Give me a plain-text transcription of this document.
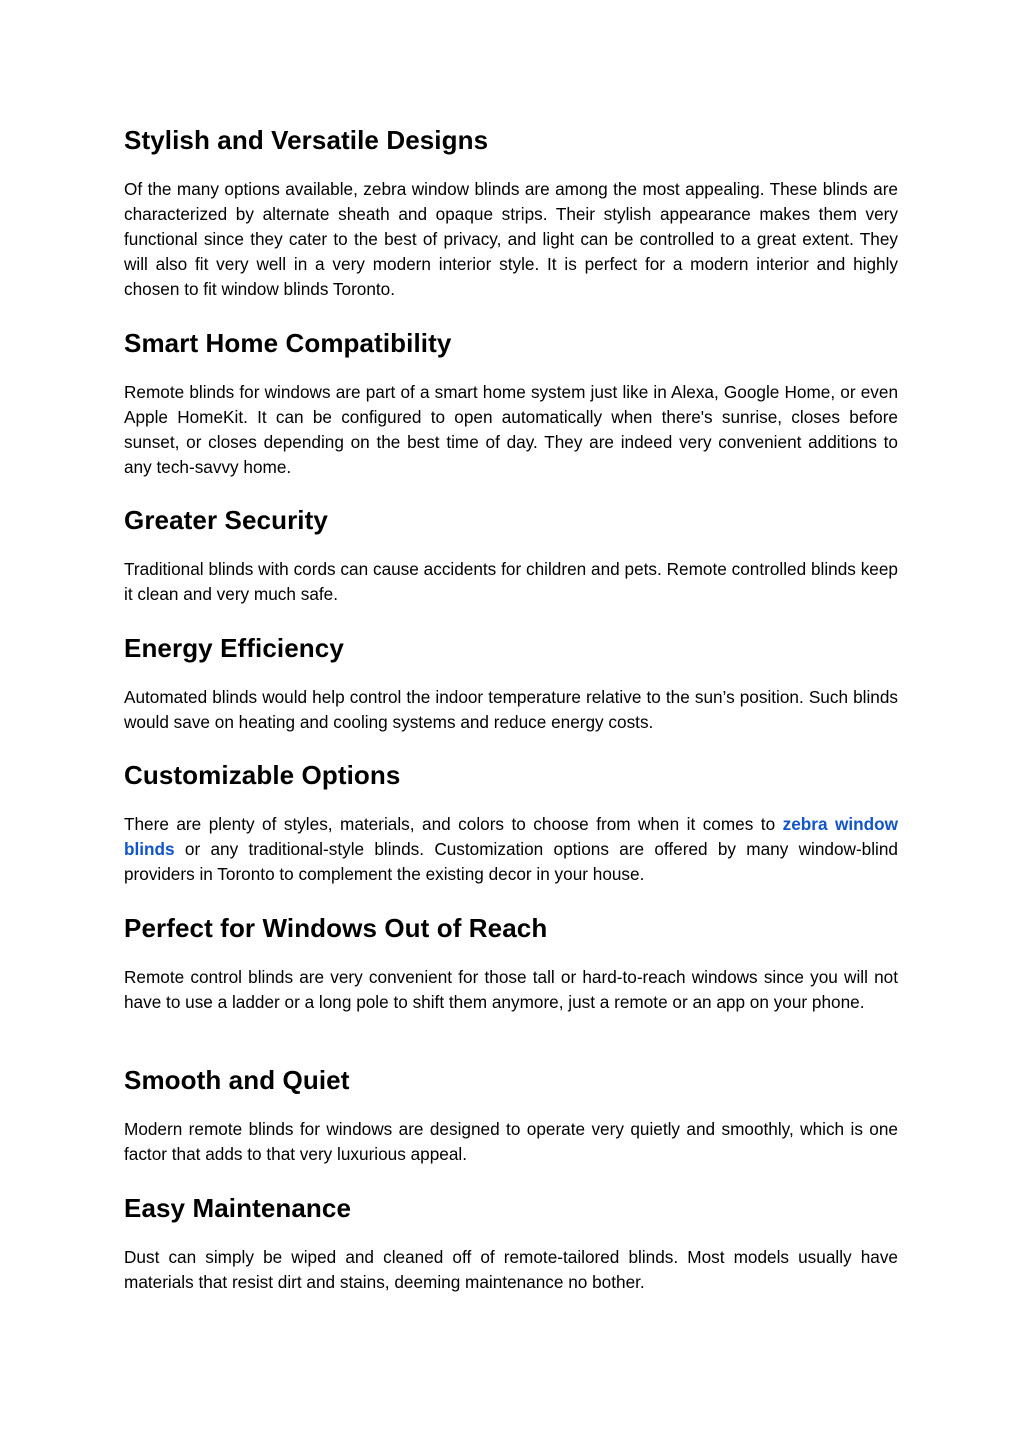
Stylish and Versatile Designs

Of the many options available, zebra window blinds are among the most appealing. These blinds are characterized by alternate sheath and opaque strips. Their stylish appearance makes them very functional since they cater to the best of privacy, and light can be controlled to a great extent. They will also fit very well in a very modern interior style. It is perfect for a modern interior and highly chosen to fit window blinds Toronto.

Smart Home Compatibility

Remote blinds for windows are part of a smart home system just like in Alexa, Google Home, or even Apple HomeKit. It can be configured to open automatically when there's sunrise, closes before sunset, or closes depending on the best time of day. They are indeed very convenient additions to any tech-savvy home.

Greater Security

Traditional blinds with cords can cause accidents for children and pets. Remote controlled blinds keep it clean and very much safe.

Energy Efficiency

Automated blinds would help control the indoor temperature relative to the sun’s position. Such blinds would save on heating and cooling systems and reduce energy costs.

Customizable Options

There are plenty of styles, materials, and colors to choose from when it comes to zebra window blinds or any traditional-style blinds. Customization options are offered by many window-blind providers in Toronto to complement the existing decor in your house.

Perfect for Windows Out of Reach

Remote control blinds are very convenient for those tall or hard-to-reach windows since you will not have to use a ladder or a long pole to shift them anymore, just a remote or an app on your phone.

Smooth and Quiet

Modern remote blinds for windows are designed to operate very quietly and smoothly, which is one factor that adds to that very luxurious appeal.

Easy Maintenance

Dust can simply be wiped and cleaned off of remote-tailored blinds. Most models usually have materials that resist dirt and stains, deeming maintenance no bother.
